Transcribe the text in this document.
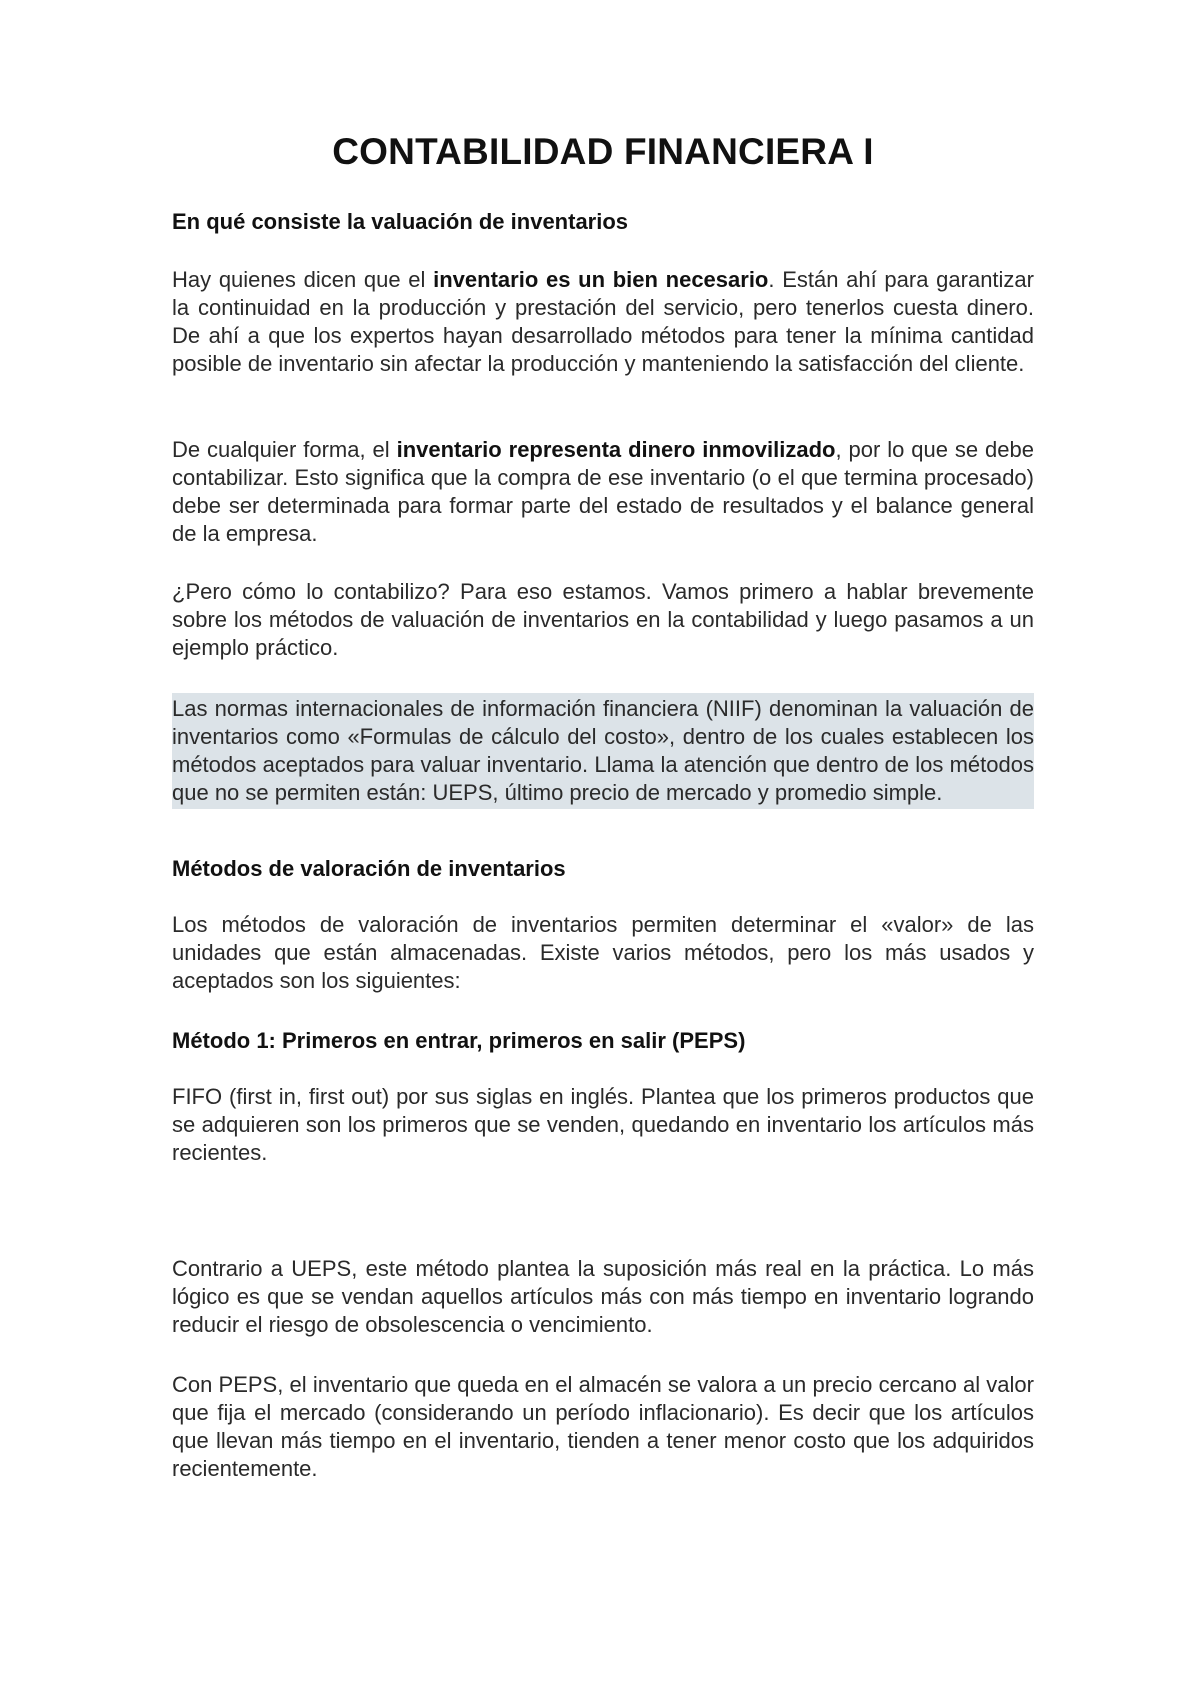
CONTABILIDAD FINANCIERA I
En qué consiste la valuación de inventarios

Hay quienes dicen que el inventario es un bien necesario. Están ahí para garantizar la continuidad en la producción y prestación del servicio, pero tenerlos cuesta dinero. De ahí a que los expertos hayan desarrollado métodos para tener la mínima cantidad posible de inventario sin afectar la producción y manteniendo la satisfacción del cliente.

De cualquier forma, el inventario representa dinero inmovilizado, por lo que se debe contabilizar. Esto significa que la compra de ese inventario (o el que termina procesado) debe ser determinada para formar parte del estado de resultados y el balance general de la empresa.

¿Pero cómo lo contabilizo? Para eso estamos. Vamos primero a hablar brevemente sobre los métodos de valuación de inventarios en la contabilidad y luego pasamos a un ejemplo práctico.

Las normas internacionales de información financiera (NIIF) denominan la valuación de inventarios como «Formulas de cálculo del costo», dentro de los cuales establecen los métodos aceptados para valuar inventario. Llama la atención que dentro de los métodos que no se permiten están: UEPS, último precio de mercado y promedio simple.

Métodos de valoración de inventarios

Los métodos de valoración de inventarios permiten determinar el «valor» de las unidades que están almacenadas. Existe varios métodos, pero los más usados y aceptados son los siguientes:

Método 1: Primeros en entrar, primeros en salir (PEPS)

FIFO (first in, first out) por sus siglas en inglés. Plantea que los primeros productos que se adquieren son los primeros que se venden, quedando en inventario los artículos más recientes.

Contrario a UEPS, este método plantea la suposición más real en la práctica. Lo más lógico es que se vendan aquellos artículos más con más tiempo en inventario logrando reducir el riesgo de obsolescencia o vencimiento.

Con PEPS, el inventario que queda en el almacén se valora a un precio cercano al valor que fija el mercado (considerando un período inflacionario). Es decir que los artículos que llevan más tiempo en el inventario, tienden a tener menor costo que los adquiridos recientemente.
